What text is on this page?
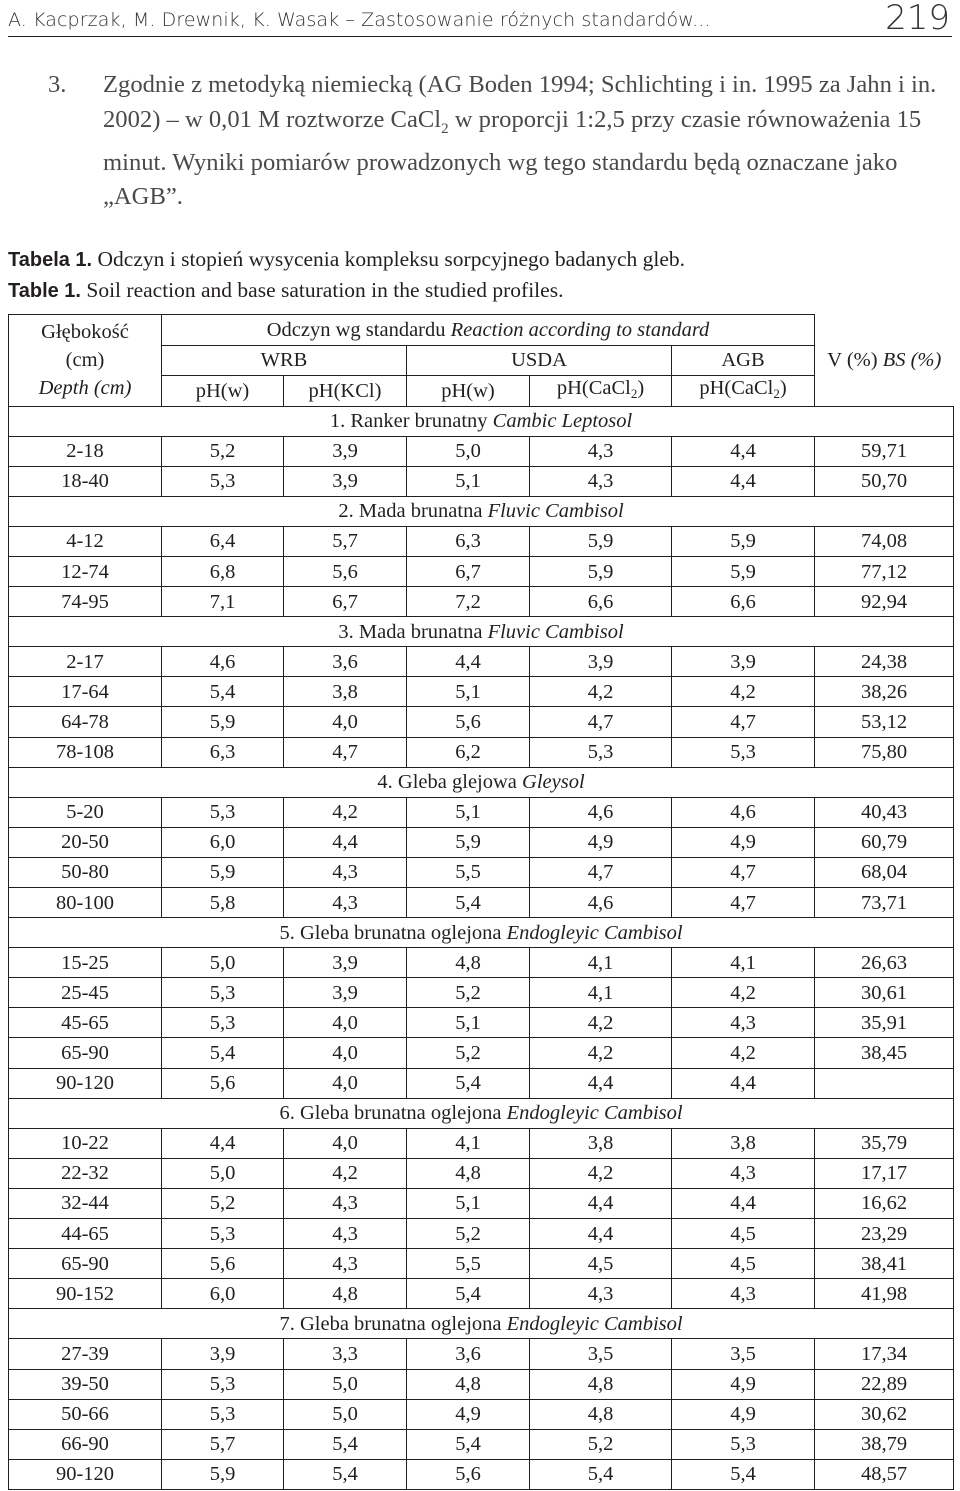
A. Kacprzak, M. Drewnik, K. Wasak – Zastosowanie różnych standardów...	219
3. Zgodnie z metodyką niemiecką (AG Boden 1994; Schlichting i in. 1995 za Jahn i in. 2002) – w 0,01 M roztworze CaCl$_2$ w proporcji 1:2,5 przy czasie równoważenia 15 minut. Wyniki pomiarów prowadzonych wg tego standardu będą oznaczane jako „AGB”.
Tabela 1. Odczyn i stopień wysycenia kompleksu sorpcyjnego badanych gleb.
Table 1. Soil reaction and base saturation in the studied profiles.
Głębokość
(cm)
Depth (cm)	Odczyn wg standardu Reaction according to standard					V (%) BS (%)
	WRB		USDA		AGB	
	pH(w)	pH(KCl)	pH(w)	pH(CaCl2)	pH(CaCl2)	
1. Ranker brunatny Cambic Leptosol						
2-18	5,2	3,9	5,0	4,3	4,4	59,71
18-40	5,3	3,9	5,1	4,3	4,4	50,70
2. Mada brunatna Fluvic Cambisol						
4-12	6,4	5,7	6,3	5,9	5,9	74,08
12-74	6,8	5,6	6,7	5,9	5,9	77,12
74-95	7,1	6,7	7,2	6,6	6,6	92,94
3. Mada brunatna Fluvic Cambisol						
2-17	4,6	3,6	4,4	3,9	3,9	24,38
17-64	5,4	3,8	5,1	4,2	4,2	38,26
64-78	5,9	4,0	5,6	4,7	4,7	53,12
78-108	6,3	4,7	6,2	5,3	5,3	75,80
4. Gleba glejowa Gleysol						
5-20	5,3	4,2	5,1	4,6	4,6	40,43
20-50	6,0	4,4	5,9	4,9	4,9	60,79
50-80	5,9	4,3	5,5	4,7	4,7	68,04
80-100	5,8	4,3	5,4	4,6	4,7	73,71
5. Gleba brunatna oglejona Endogleyic Cambisol						
15-25	5,0	3,9	4,8	4,1	4,1	26,63
25-45	5,3	3,9	5,2	4,1	4,2	30,61
45-65	5,3	4,0	5,1	4,2	4,3	35,91
65-90	5,4	4,0	5,2	4,2	4,2	38,45
90-120	5,6	4,0	5,4	4,4	4,4	
6. Gleba brunatna oglejona Endogleyic Cambisol						
10-22	4,4	4,0	4,1	3,8	3,8	35,79
22-32	5,0	4,2	4,8	4,2	4,3	17,17
32-44	5,2	4,3	5,1	4,4	4,4	16,62
44-65	5,3	4,3	5,2	4,4	4,5	23,29
65-90	5,6	4,3	5,5	4,5	4,5	38,41
90-152	6,0	4,8	5,4	4,3	4,3	41,98
7. Gleba brunatna oglejona Endogleyic Cambisol						
27-39	3,9	3,3	3,6	3,5	3,5	17,34
39-50	5,3	5,0	4,8	4,8	4,9	22,89
50-66	5,3	5,0	4,9	4,8	4,9	30,62
66-90	5,7	5,4	5,4	5,2	5,3	38,79
90-120	5,9	5,4	5,6	5,4	5,4	48,57
